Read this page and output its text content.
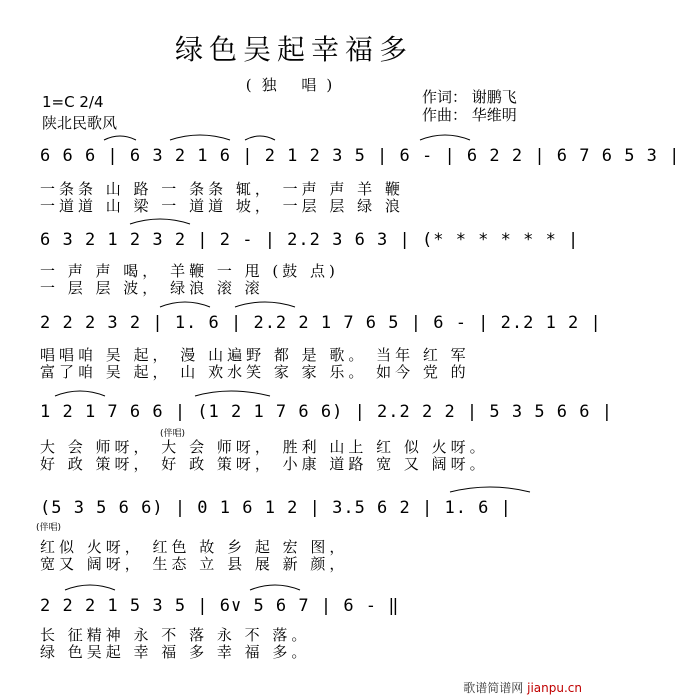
绿色吴起幸福多
(独 唱)
1=C 2/4
陕北民歌风
作词： 谢鹏飞
作曲： 华维明
6 6 6 | 6 3 2 1 6 | 2 1 2 3 5 | 6 - | 6 2 2 | 6 7 6 5 3 |
一条条 山 路 一 条条 辄， 一声 声 羊 鞭
一道道 山 梁 一 道道 坡， 一层 层 绿 浪
6 3 2 1 2 3 2 | 2 - | 2.2 3 6 3 | (* * * * * * |
一 声 声 喝， 羊鞭 一 甩 (鼓 点)
一 层 层 波， 绿浪 滚 滚
2 2 2 3 2 | 1. 6 | 2.2 2 1 7 6 5 | 6 - | 2.2 1 2 |
唱唱咱 吴 起， 漫 山遍野 都 是 歌。 当年 红 军
富了咱 吴 起， 山 欢水笑 家 家 乐。 如今 党 的
1 2 1 7 6 6 | (1 2 1 7 6 6) | 2.2 2 2 | 5 3 5 6 6 |
(伴唱)
大 会 师呀， 大 会 师呀， 胜利 山上 红 似 火呀。
好 政 策呀， 好 政 策呀， 小康 道路 宽 又 阔呀。
(5 3 5 6 6) | 0 1 6 1 2 | 3.5 6 2 | 1. 6 |
(伴唱)
红似 火呀， 红色 故 乡 起 宏 图，
宽又 阔呀， 生态 立 县 展 新 颜，
2 2 2 1 5 3 5 | 6∨ 5 6 7 | 6 - ‖
长 征精神 永 不 落 永 不 落。
绿 色吴起 幸 福 多 幸 福 多。
歌谱简谱网 jianpu.cn
